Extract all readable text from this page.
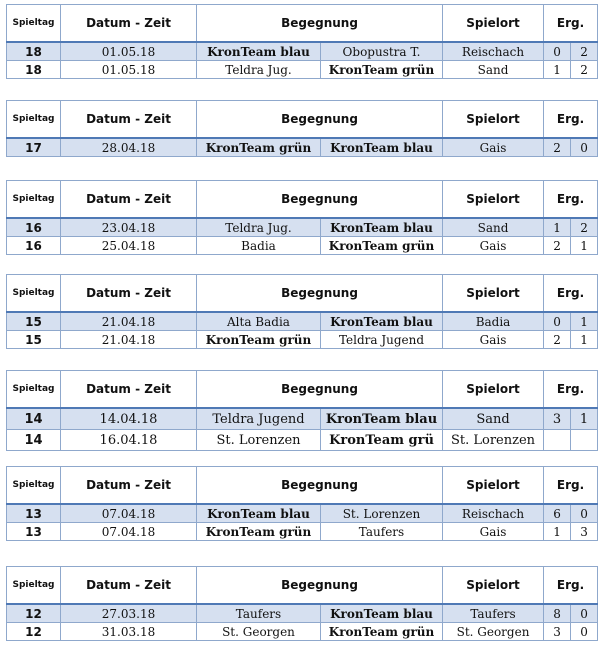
Spieltag	Datum - Zeit	Begegnung		Spielort	Erg.	
18	01.05.18	KronTeam blau	Obopustra T.	Reischach	0	2
18	01.05.18	Teldra Jug.	KronTeam grün	Sand	1	2
Spieltag	Datum - Zeit	Begegnung		Spielort	Erg.	
17	28.04.18	KronTeam grün	KronTeam blau	Gais	2	0
Spieltag	Datum - Zeit	Begegnung		Spielort	Erg.	
16	23.04.18	Teldra Jug.	KronTeam blau	Sand	1	2
16	25.04.18	Badia	KronTeam grün	Gais	2	1
Spieltag	Datum - Zeit	Begegnung		Spielort	Erg.	
15	21.04.18	Alta Badia	KronTeam blau	Badia	0	1
15	21.04.18	KronTeam grün	Teldra Jugend	Gais	2	1
Spieltag	Datum - Zeit	Begegnung		Spielort	Erg.	
14	14.04.18	Teldra Jugend	KronTeam blau	Sand	3	1
14	16.04.18	St. Lorenzen	KronTeam grü	St. Lorenzen		
Spieltag	Datum - Zeit	Begegnung		Spielort	Erg.	
13	07.04.18	KronTeam blau	St. Lorenzen	Reischach	6	0
13	07.04.18	KronTeam grün	Taufers	Gais	1	3
Spieltag	Datum - Zeit	Begegnung		Spielort	Erg.	
12	27.03.18	Taufers	KronTeam blau	Taufers	8	0
12	31.03.18	St. Georgen	KronTeam grün	St. Georgen	3	0
